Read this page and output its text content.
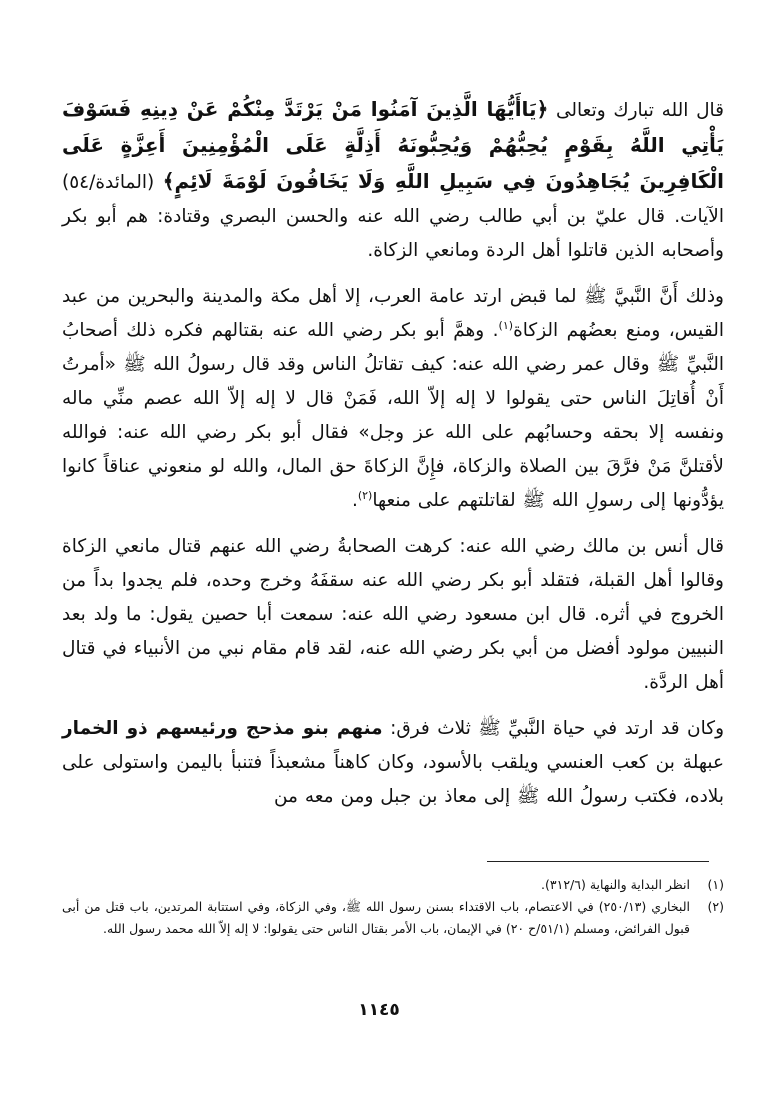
قال الله تبارك وتعالى ﴿يَاأَيُّهَا الَّذِينَ آمَنُوا مَنْ يَرْتَدَّ مِنْكُمْ عَنْ دِينِهِ فَسَوْفَ يَأْتِي اللَّهُ بِقَوْمٍ يُحِبُّهُمْ وَيُحِبُّونَهُ أَذِلَّةٍ عَلَى الْمُؤْمِنِينَ أَعِزَّةٍ عَلَى الْكَافِرِينَ يُجَاهِدُونَ فِي سَبِيلِ اللَّهِ وَلَا يَخَافُونَ لَوْمَةَ لَائِمٍ﴾ (المائدة/٥٤) الآيات. قال عليّ بن أبي طالب رضي الله عنه والحسن البصري وقتادة: هم أبو بكر وأصحابه الذين قاتلوا أهل الردة ومانعي الزكاة.

وذلك أَنَّ النَّبيَّ ﷺ لما قبض ارتد عامة العرب، إلا أهل مكة والمدينة والبحرين من عبد القيس، ومنع بعضُهم الزكاة$^{(١)}$. وهمَّ أبو بكر رضي الله عنه بقتالهم فكره ذلك أصحابُ النَّبيِّ ﷺ وقال عمر رضي الله عنه: كيف تقاتلُ الناس وقد قال رسولُ الله ﷺ «أمرتُ أَنْ أُقاتِلَ الناس حتى يقولوا لا إله إلاّ الله، فَمَنْ قال لا إله إلاّ الله عصم منِّي ماله ونفسه إلا بحقه وحسابُهم على الله عز وجل» فقال أبو بكر رضي الله عنه: فوالله لأقتلنَّ مَنْ فرَّقَ بين الصلاة والزكاة، فإِنَّ الزكاةَ حق المال، والله لو منعوني عناقاً كانوا يؤدُّونها إلى رسولِ الله ﷺ لقاتلتهم على منعها$^{(٢)}$.

قال أنس بن مالك رضي الله عنه: كرهت الصحابةُ رضي الله عنهم قتال مانعي الزكاة وقالوا أهل القبلة، فتقلد أبو بكر رضي الله عنه سقفَهُ وخرج وحده، فلم يجدوا بداً من الخروج في أثره. قال ابن مسعود رضي الله عنه: سمعت أبا حصين يقول: ما ولد بعد النبيين مولود أفضل من أبي بكر رضي الله عنه، لقد قام مقام نبي من الأنبياء في قتال أهل الردَّة.

وكان قد ارتد في حياة النَّبيِّ ﷺ ثلاث فرق: منهم بنو مذحج ورئيسهم ذو الخمار عبهلة بن كعب العنسي ويلقب بالأسود، وكان كاهناً مشعبذاً فتنبأ باليمن واستولى على بلاده، فكتب رسولُ الله ﷺ إلى معاذ بن جبل ومن معه من

(١)
انظر البداية والنهاية (٣١٢/٦).
(٢)
البخاري (٢٥٠/١٣) في الاعتصام، باب الاقتداء بسنن رسول الله ﷺ، وفي الزكاة، وفي استتابة المرتدين، باب قتل من أبى قبول الفرائض، ومسلم (٥١/١/ح ٢٠) في الإيمان، باب الأمر بقتال الناس حتى يقولوا: لا إله إلاّ الله محمد رسول الله.
١١٤٥
